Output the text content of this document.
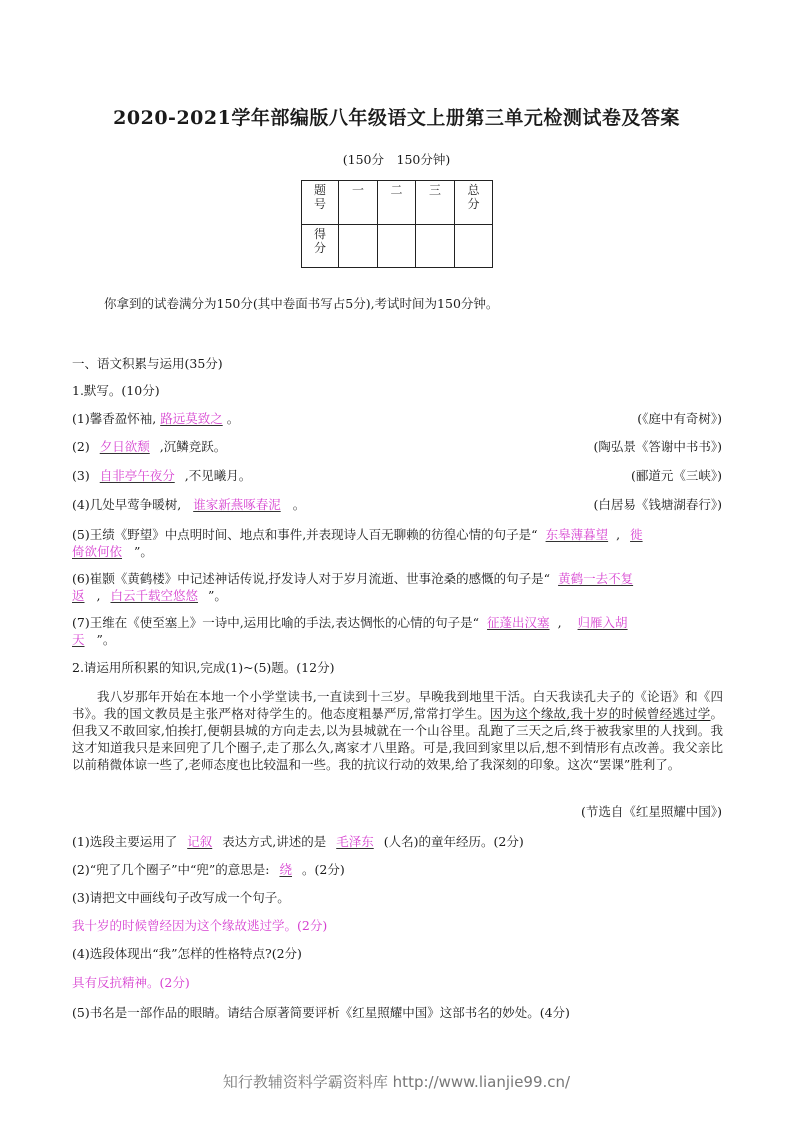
2020-2021学年部编版八年级语文上册第三单元检测试卷及答案
(150分　150分钟)
题号	一	二	三	总分
得分				
你拿到的试卷满分为150分(其中卷面书写占5分),考试时间为150分钟。
一、语文积累与运用(35分)
1.默写。(10分)
(1)馨香盈怀袖, 路远莫致之 。	(《庭中有奇树》)
(2) 夕日欲颓 ,沉鳞竞跃。	(陶弘景《答谢中书书》)
(3) 自非亭午夜分 ,不见曦月。	(郦道元《三峡》)
(4)几处早莺争暖树, 谁家新燕啄春泥 。	(白居易《钱塘湖春行》)
(5)王绩《野望》中点明时间、地点和事件,并表现诗人百无聊赖的彷徨心情的句子是“ 东皋薄暮望 , 徙
倚欲何依 ”。
(6)崔颢《黄鹤楼》中记述神话传说,抒发诗人对于岁月流逝、世事沧桑的感慨的句子是“ 黄鹤一去不复
返 , 白云千载空悠悠 ”。
(7)王维在《使至塞上》一诗中,运用比喻的手法,表达惆怅的心情的句子是“ 征蓬出汉塞 , 归雁入胡
天 ”。
2.请运用所积累的知识,完成(1)~(5)题。(12分)
我八岁那年开始在本地一个小学堂读书,一直读到十三岁。早晚我到地里干活。白天我读孔夫子的《论语》和《四书》。我的国文教员是主张严格对待学生的。他态度粗暴严厉,常常打学生。因为这个缘故,我十岁的时候曾经逃过学。但我又不敢回家,怕挨打,便朝县城的方向走去,以为县城就在一个山谷里。乱跑了三天之后,终于被我家里的人找到。我这才知道我只是来回兜了几个圈子,走了那么久,离家才八里路。可是,我回到家里以后,想不到情形有点改善。我父亲比以前稍微体谅一些了,老师态度也比较温和一些。我的抗议行动的效果,给了我深刻的印象。这次“罢课”胜利了。
(节选自《红星照耀中国》)
(1)选段主要运用了 记叙 表达方式,讲述的是 毛泽东 (人名)的童年经历。(2分)
(2)“兜了几个圈子”中“兜”的意思是: 绕 。(2分)
(3)请把文中画线句子改写成一个句子。
我十岁的时候曾经因为这个缘故逃过学。(2分)
(4)选段体现出“我”怎样的性格特点?(2分)
具有反抗精神。(2分)
(5)书名是一部作品的眼睛。请结合原著简要评析《红星照耀中国》这部书名的妙处。(4分)
知行教辅资料学霸资料库 http://www.lianjie99.cn/
